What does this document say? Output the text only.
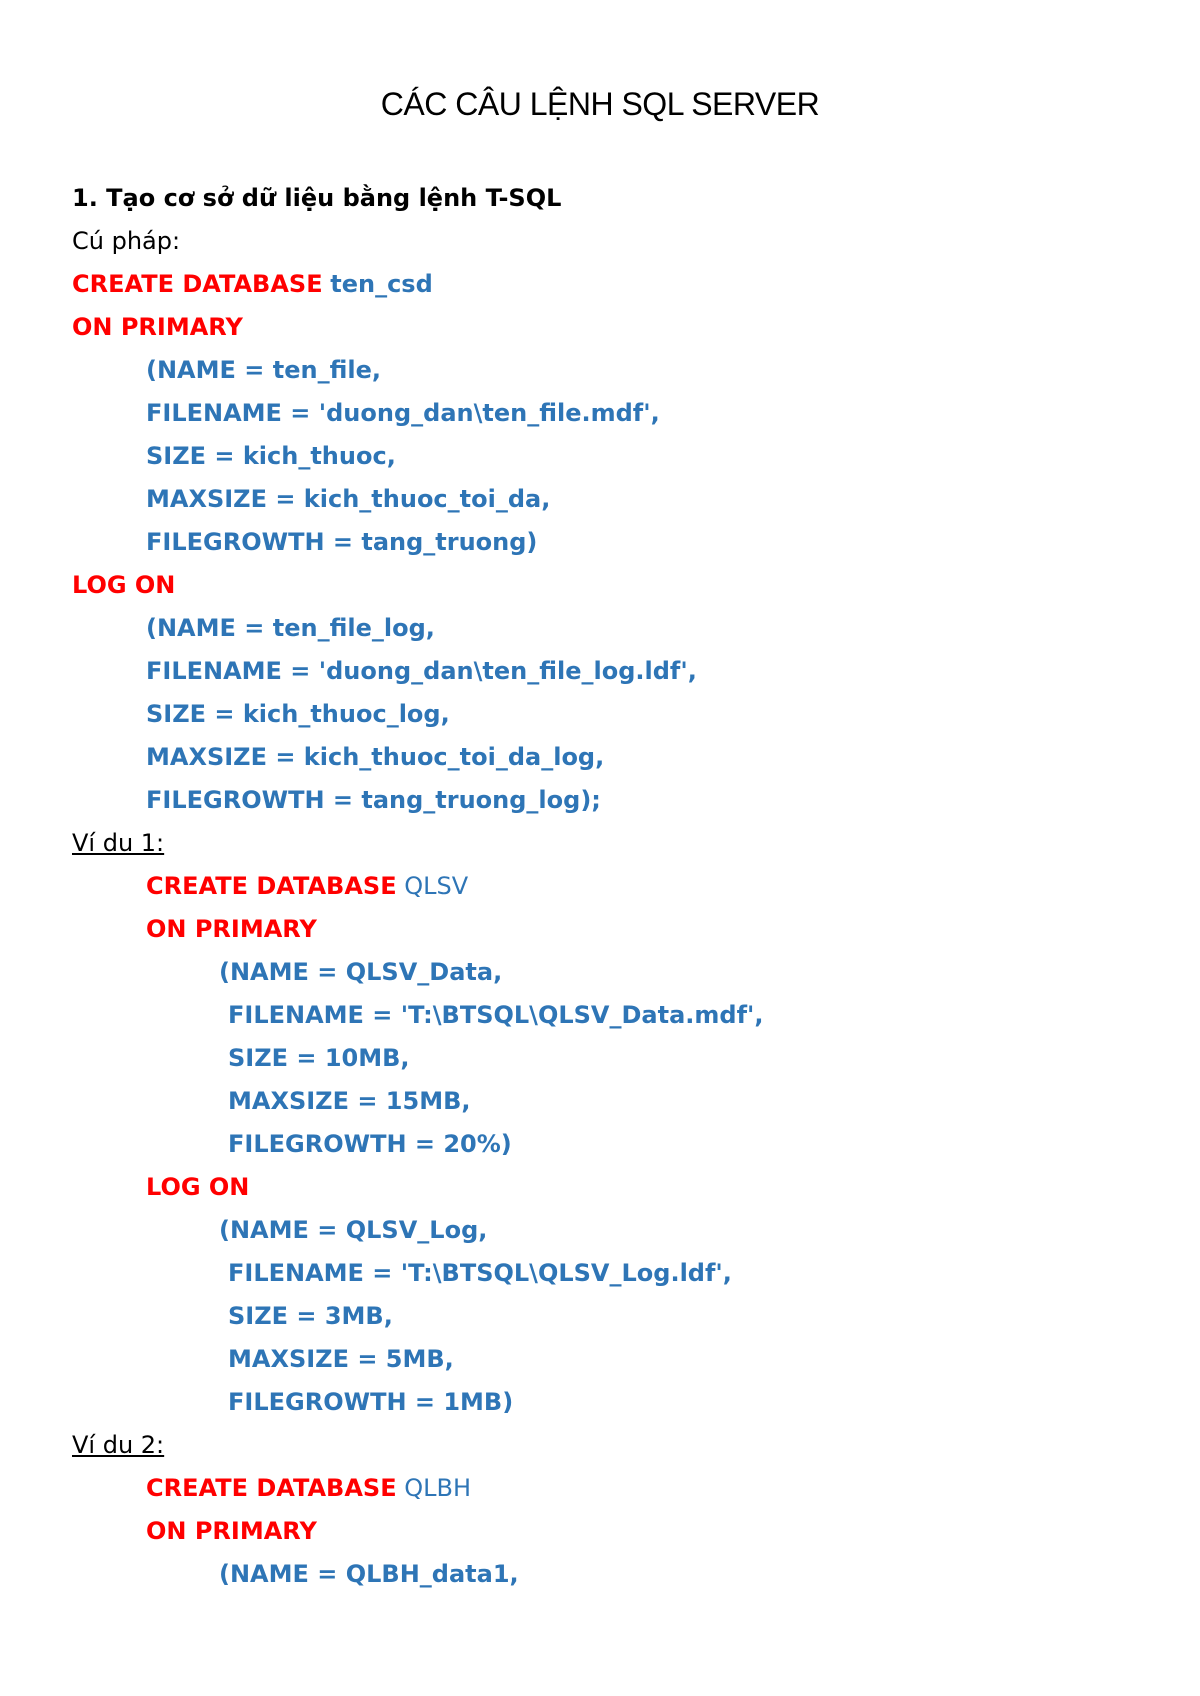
CÁC CÂU LỆNH SQL SERVER
1. Tạo cơ sở dữ liệu bằng lệnh T-SQL
Cú pháp:
CREATE DATABASE ten_csd
ON PRIMARY
(NAME = ten_file,
FILENAME = 'duong_dan\ten_file.mdf',
SIZE = kich_thuoc,
MAXSIZE = kich_thuoc_toi_da,
FILEGROWTH = tang_truong)
LOG ON
(NAME = ten_file_log,
FILENAME = 'duong_dan\ten_file_log.ldf',
SIZE = kich_thuoc_log,
MAXSIZE = kich_thuoc_toi_da_log,
FILEGROWTH = tang_truong_log);
Ví du 1:
CREATE DATABASE QLSV
ON PRIMARY
(NAME = QLSV_Data,
FILENAME = 'T:\BTSQL\QLSV_Data.mdf',
SIZE = 10MB,
MAXSIZE = 15MB,
FILEGROWTH = 20%)
LOG ON
(NAME = QLSV_Log,
FILENAME = 'T:\BTSQL\QLSV_Log.ldf',
SIZE = 3MB,
MAXSIZE = 5MB,
FILEGROWTH = 1MB)
Ví du 2:
CREATE DATABASE QLBH
ON PRIMARY
(NAME = QLBH_data1,
